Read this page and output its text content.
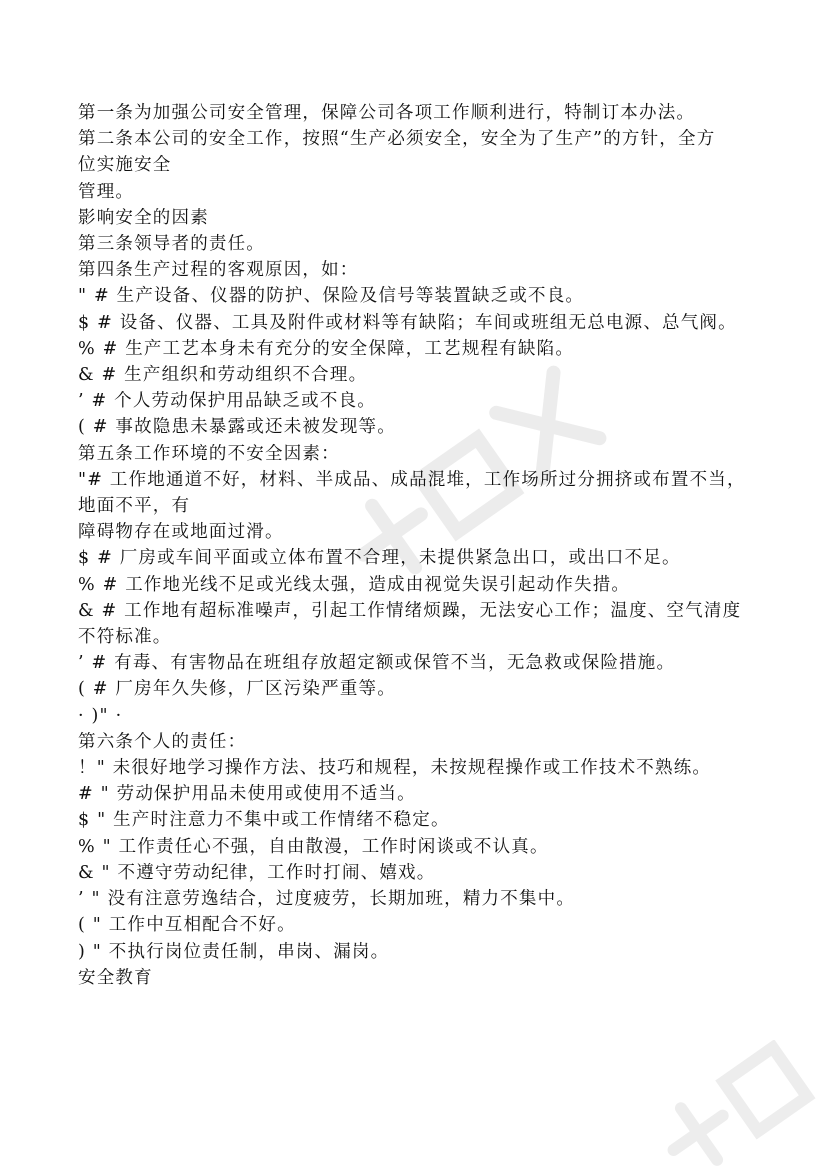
第一条为加强公司安全管理，保障公司各项工作顺利进行，特制订本办法。

第二条本公司的安全工作，按照“生产必须安全，安全为了生产”的方针，全方

位实施安全

管理。

影响安全的因素

第三条领导者的责任。

第四条生产过程的客观原因，如：

" # 生产设备、仪器的防护、保险及信号等装置缺乏或不良。

$ # 设备、仪器、工具及附件或材料等有缺陷；车间或班组无总电源、总气阀。

% # 生产工艺本身未有充分的安全保障，工艺规程有缺陷。

& # 生产组织和劳动组织不合理。

’ # 个人劳动保护用品缺乏或不良。

( # 事故隐患未暴露或还未被发现等。

第五条工作环境的不安全因素：

"# 工作地通道不好，材料、半成品、成品混堆，工作场所过分拥挤或布置不当，

地面不平，有

障碍物存在或地面过滑。

$ # 厂房或车间平面或立体布置不合理，未提供紧急出口，或出口不足。

% # 工作地光线不足或光线太强，造成由视觉失误引起动作失措。

& # 工作地有超标准噪声，引起工作情绪烦躁，无法安心工作；温度、空气清度

不符标准。

’ # 有毒、有害物品在班组存放超定额或保管不当，无急救或保险措施。

( # 厂房年久失修，厂区污染严重等。

· )" ·

第六条个人的责任：

！" 未很好地学习操作方法、技巧和规程，未按规程操作或工作技术不熟练。

# " 劳动保护用品未使用或使用不适当。

$ " 生产时注意力不集中或工作情绪不稳定。

% " 工作责任心不强，自由散漫，工作时闲谈或不认真。

& " 不遵守劳动纪律，工作时打闹、嬉戏。

’ " 没有注意劳逸结合，过度疲劳，长期加班，精力不集中。

( " 工作中互相配合不好。

) " 不执行岗位责任制，串岗、漏岗。

安全教育
